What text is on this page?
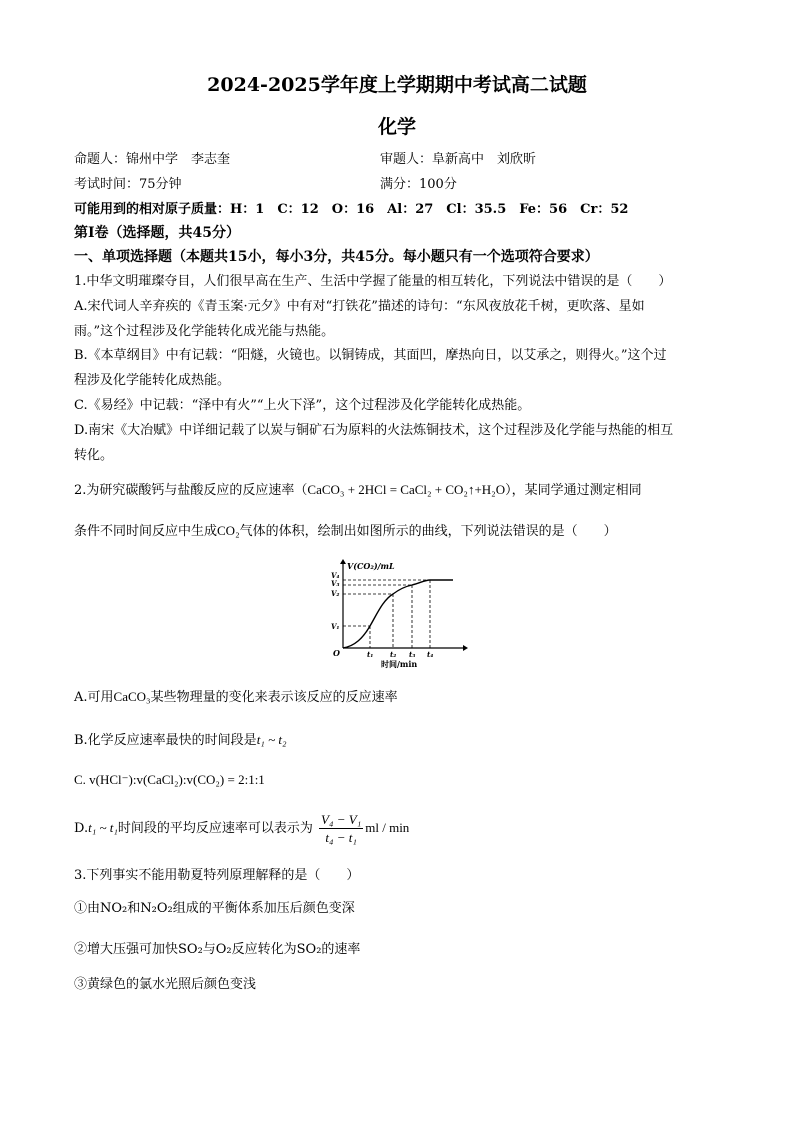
2024-2025学年度上学期期中考试高二试题
化学
命题人：锦州中学　李志奎	审题人：阜新高中　刘欣昕
考试时间：75分钟	满分：100分
可能用到的相对原子质量：H：1　C：12　O：16　Al：27　Cl：35.5　Fe：56　Cr：52
第Ⅰ卷（选择题，共45分）
一、单项选择题（本题共15小，每小3分，共45分。每小题只有一个选项符合要求）
1.中华文明璀璨夺目，人们很早高在生产、生活中学握了能量的相互转化，下列说法中错误的是（　　）
A.宋代词人辛弃疾的《青玉案·元夕》中有对“打铁花”描述的诗句：“东风夜放花千树，更吹落、星如
雨。”这个过程涉及化学能转化成光能与热能。
B.《本草纲目》中有记载：“阳燧，火镜也。以铜铸成，其面凹，摩热向日，以艾承之，则得火。”这个过
程涉及化学能转化成热能。
C.《易经》中记载：“泽中有火”“上火下泽”，这个过程涉及化学能转化成热能。
D.南宋《大冶赋》中详细记载了以炭与铜矿石为原料的火法炼铜技术，这个过程涉及化学能与热能的相互
转化。
2.为研究碳酸钙与盐酸反应的反应速率（CaCO₃ + 2HCl = CaCl₂ + CO₂↑+H₂O），某同学通过测定相同
条件不同时间反应中生成CO₂气体的体积，绘制出如图所示的曲线，下列说法错误的是（　　）
V(CO₂)/mL
V₄
V₃
V₂
V₁
O	t₁ t₂ t₃ t₄
时间/min
A.可用CaCO₃某些物理量的变化来表示该反应的反应速率
B.化学反应速率最快的时间段是t₁ ~ t₂
C. v(HCl⁻):v(CaCl₂):v(CO₂) = 2:1:1
D.t₁ ~ t₁时间段的平均反应速率可以表示为 $\frac{\text{V₄ − V₁}}{\text{t₄ − t₁}}$ ml / min
3.下列事实不能用勒夏特列原理解释的是（　　）
①由NO₂和N₂O₂组成的平衡体系加压后颜色变深
②增大压强可加快SO₂与O₂反应转化为SO₂的速率
③黄绿色的氯水光照后颜色变浅
